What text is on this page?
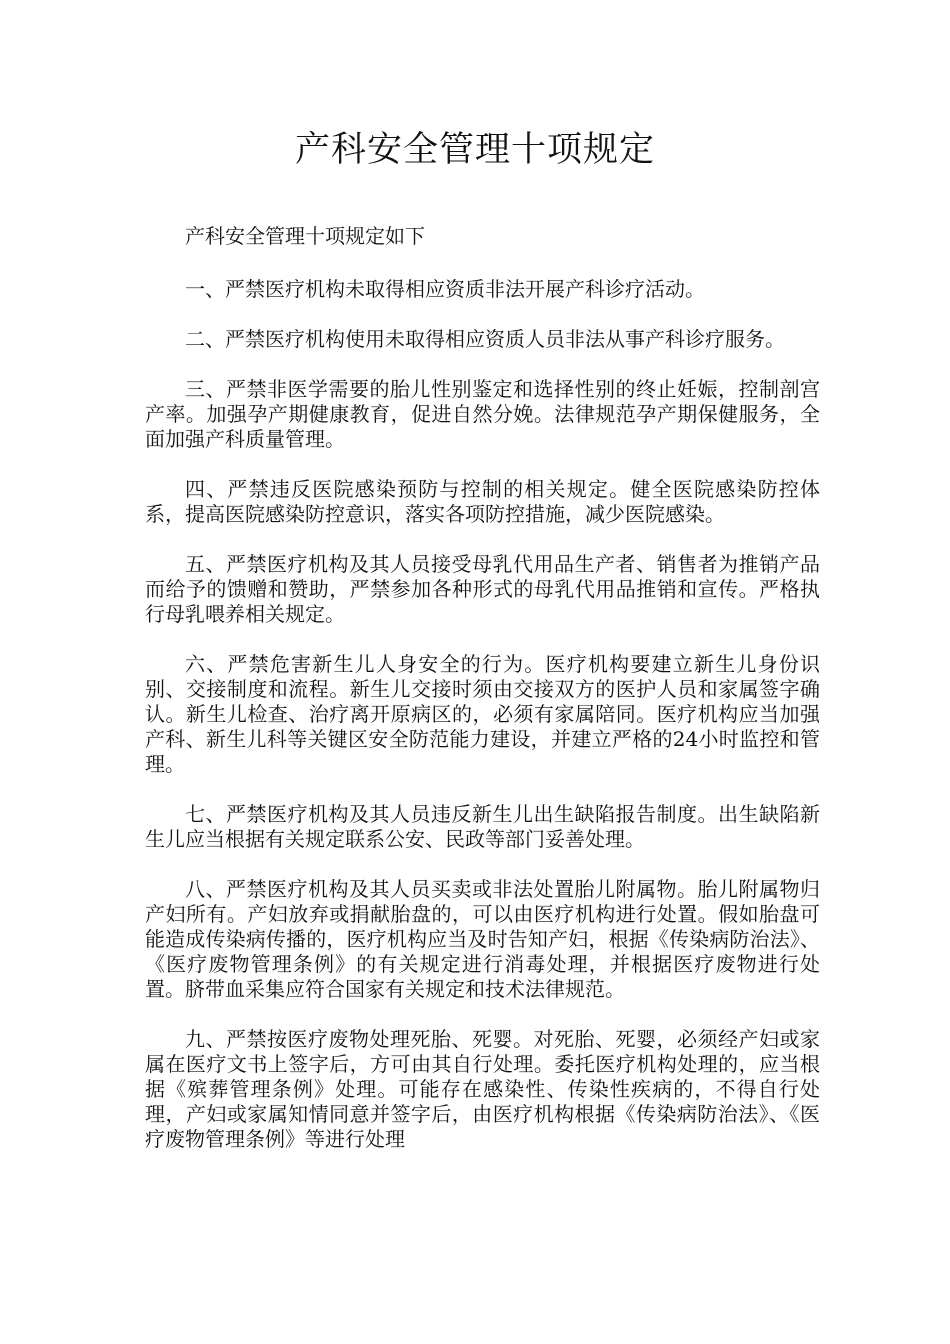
产科安全管理十项规定

产科安全管理十项规定如下

一、严禁医疗机构未取得相应资质非法开展产科诊疗活动。

二、严禁医疗机构使用未取得相应资质人员非法从事产科诊疗服务。

三、严禁非医学需要的胎儿性别鉴定和选择性别的终止妊娠，控制剖宫产率。加强孕产期健康教育，促进自然分娩。法律规范孕产期保健服务，全面加强产科质量管理。

四、严禁违反医院感染预防与控制的相关规定。健全医院感染防控体系，提高医院感染防控意识，落实各项防控措施，减少医院感染。

五、严禁医疗机构及其人员接受母乳代用品生产者、销售者为推销产品而给予的馈赠和赞助，严禁参加各种形式的母乳代用品推销和宣传。严格执行母乳喂养相关规定。

六、严禁危害新生儿人身安全的行为。医疗机构要建立新生儿身份识别、交接制度和流程。新生儿交接时须由交接双方的医护人员和家属签字确认。新生儿检查、治疗离开原病区的，必须有家属陪同。医疗机构应当加强产科、新生儿科等关键区安全防范能力建设，并建立严格的24小时监控和管理。

七、严禁医疗机构及其人员违反新生儿出生缺陷报告制度。出生缺陷新生儿应当根据有关规定联系公安、民政等部门妥善处理。

八、严禁医疗机构及其人员买卖或非法处置胎儿附属物。胎儿附属物归产妇所有。产妇放弃或捐献胎盘的，可以由医疗机构进行处置。假如胎盘可能造成传染病传播的，医疗机构应当及时告知产妇，根据《传染病防治法》、《医疗废物管理条例》的有关规定进行消毒处理，并根据医疗废物进行处置。脐带血采集应符合国家有关规定和技术法律规范。

九、严禁按医疗废物处理死胎、死婴。对死胎、死婴，必须经产妇或家属在医疗文书上签字后，方可由其自行处理。委托医疗机构处理的，应当根据《殡葬管理条例》处理。可能存在感染性、传染性疾病的，不得自行处理，产妇或家属知情同意并签字后，由医疗机构根据《传染病防治法》、《医疗废物管理条例》等进行处理
